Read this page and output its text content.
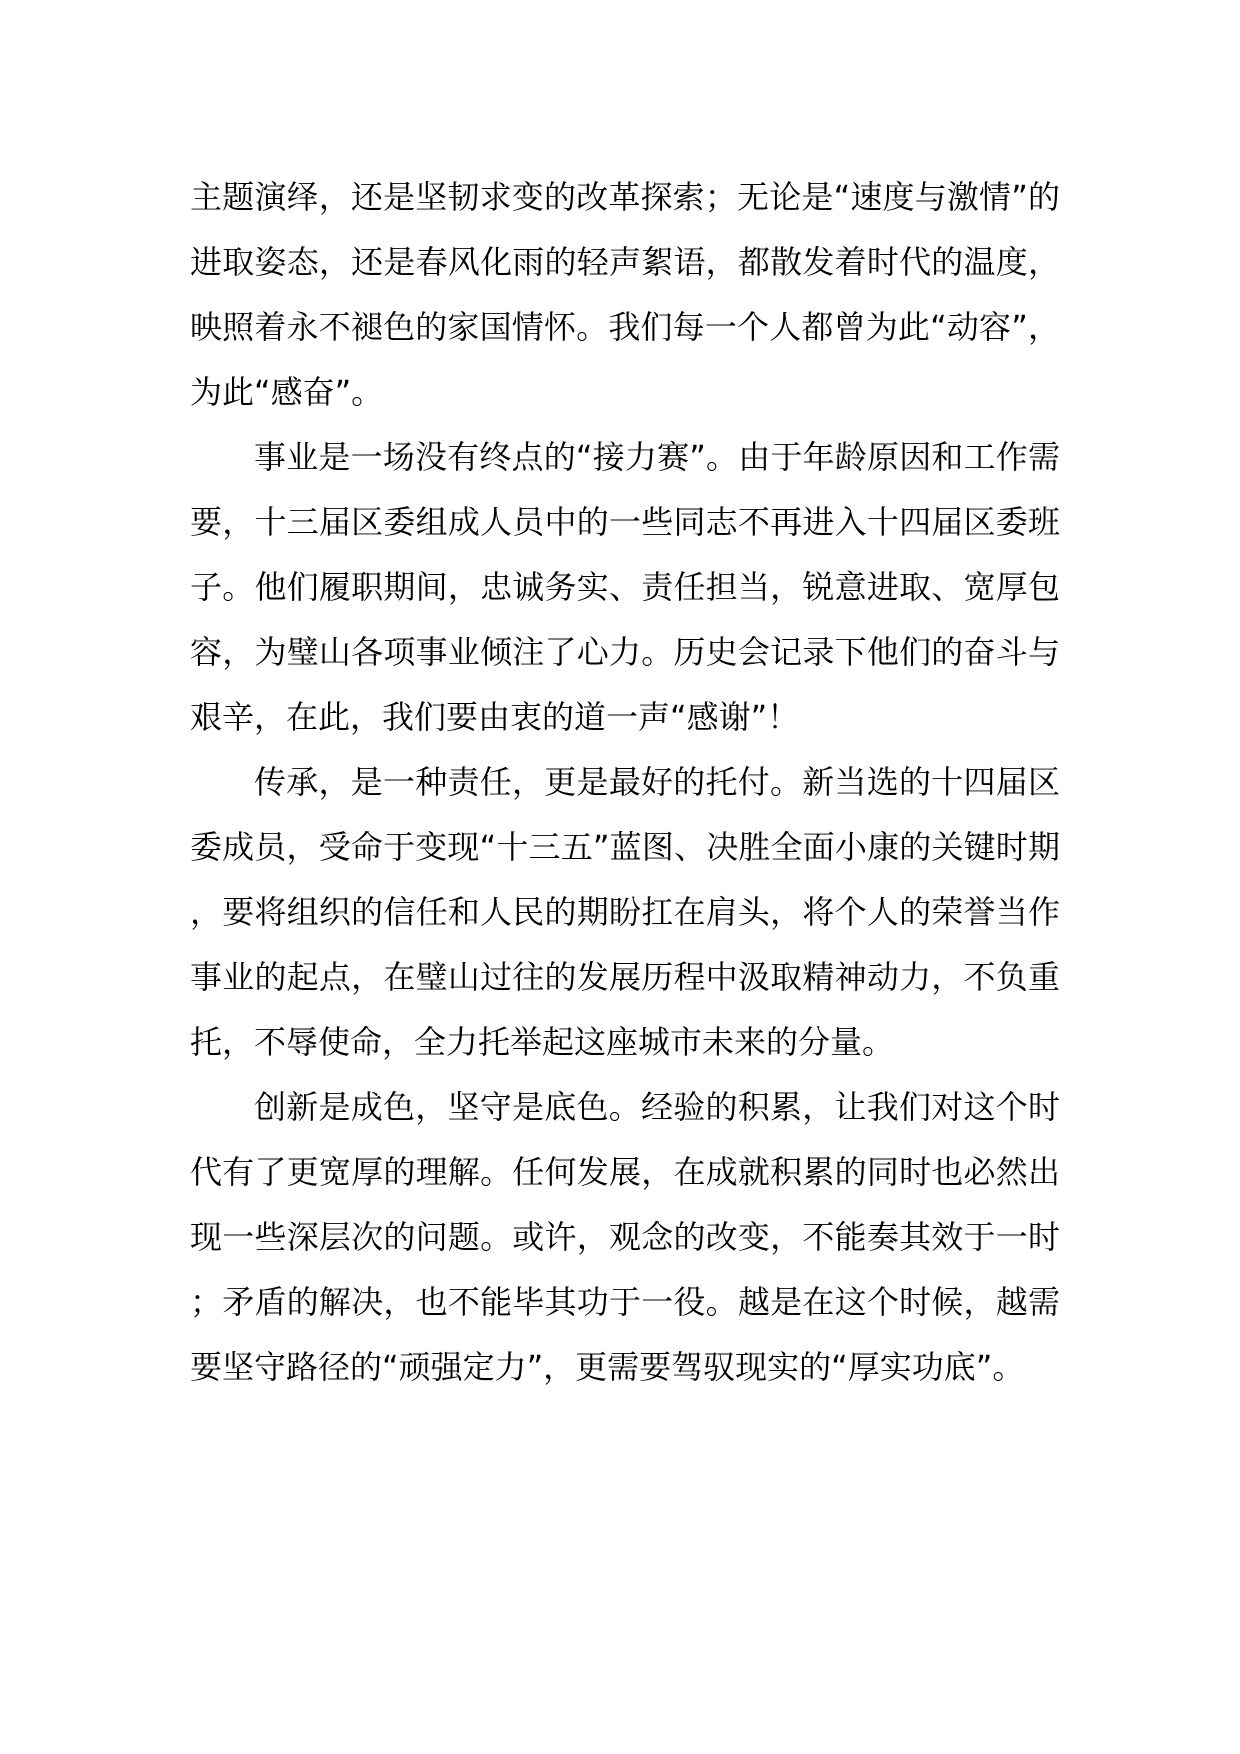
主题演绎，还是坚韧求变的改革探索；无论是“速度与激情”的进取姿态，还是春风化雨的轻声絮语，都散发着时代的温度，映照着永不褪色的家国情怀。我们每一个人都曾为此“动容”，为此“感奋”。

事业是一场没有终点的“接力赛”。由于年龄原因和工作需要，十三届区委组成人员中的一些同志不再进入十四届区委班子。他们履职期间，忠诚务实、责任担当，锐意进取、宽厚包容，为璧山各项事业倾注了心力。历史会记录下他们的奋斗与艰辛，在此，我们要由衷的道一声“感谢”！

传承，是一种责任，更是最好的托付。新当选的十四届区委成员，受命于变现“十三五”蓝图、决胜全面小康的关键时期，要将组织的信任和人民的期盼扛在肩头，将个人的荣誉当作事业的起点，在璧山过往的发展历程中汲取精神动力，不负重托，不辱使命，全力托举起这座城市未来的分量。

创新是成色，坚守是底色。经验的积累，让我们对这个时代有了更宽厚的理解。任何发展，在成就积累的同时也必然出现一些深层次的问题。或许，观念的改变，不能奏其效于一时；矛盾的解决，也不能毕其功于一役。越是在这个时候，越需要坚守路径的“顽强定力”，更需要驾驭现实的“厚实功底”。
